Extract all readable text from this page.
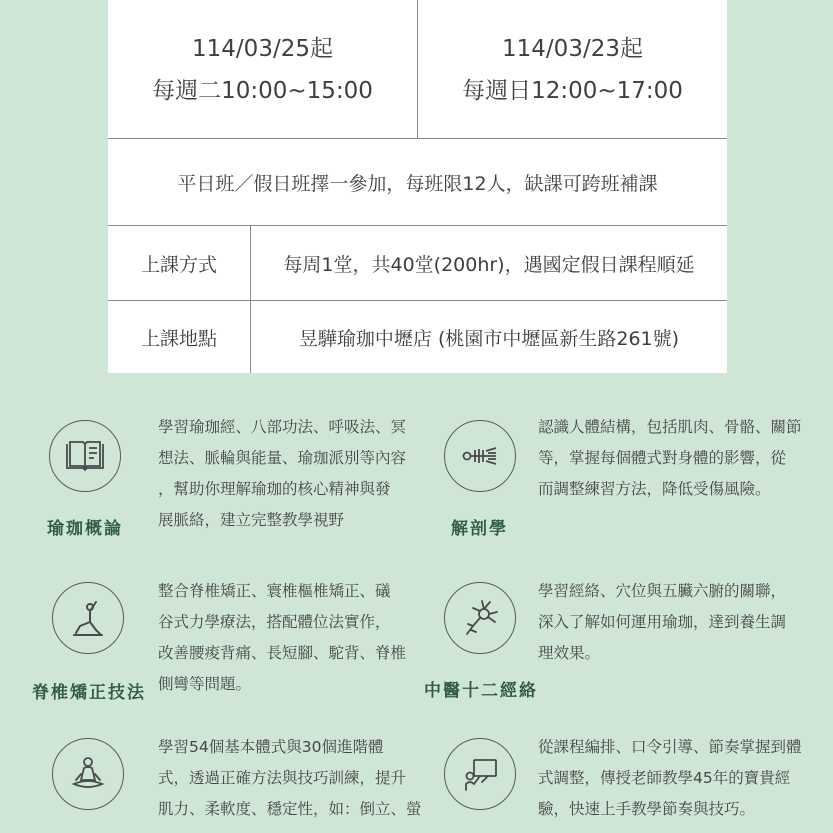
114/03/25起
每週二10:00~15:00
114/03/23起
每週日12:00~17:00
平日班／假日班擇一參加，每班限12人，缺課可跨班補課
上課方式	每周1堂，共40堂(200hr)，遇國定假日課程順延
上課地點	昱驊瑜珈中壢店 (桃園市中壢區新生路261號)
瑜珈概論
學習瑜珈經、八部功法、呼吸法、冥
想法、脈輪與能量、瑜珈派別等內容
，幫助你理解瑜珈的核心精神與發
展脈絡，建立完整教學視野	解剖學
認識人體結構，包括肌肉、骨骼、關節
等，掌握每個體式對身體的影響，從
而調整練習方法，降低受傷風險。
脊椎矯正技法
整合脊椎矯正、寰椎樞椎矯正、礒
谷式力學療法，搭配體位法實作，
改善腰痠背痛、長短腳、駝背、脊椎
側彎等問題。	中醫十二經絡
學習經絡、穴位與五臟六腑的關聯，
深入了解如何運用瑜珈，達到養生調
理效果。
學習54個基本體式與30個進階體
式，透過正確方法與技巧訓練，提升
肌力、柔軟度、穩定性，如：倒立、螢
從課程編排、口令引導、節奏掌握到體
式調整，傳授老師教學45年的寶貴經
驗，快速上手教學節奏與技巧。
